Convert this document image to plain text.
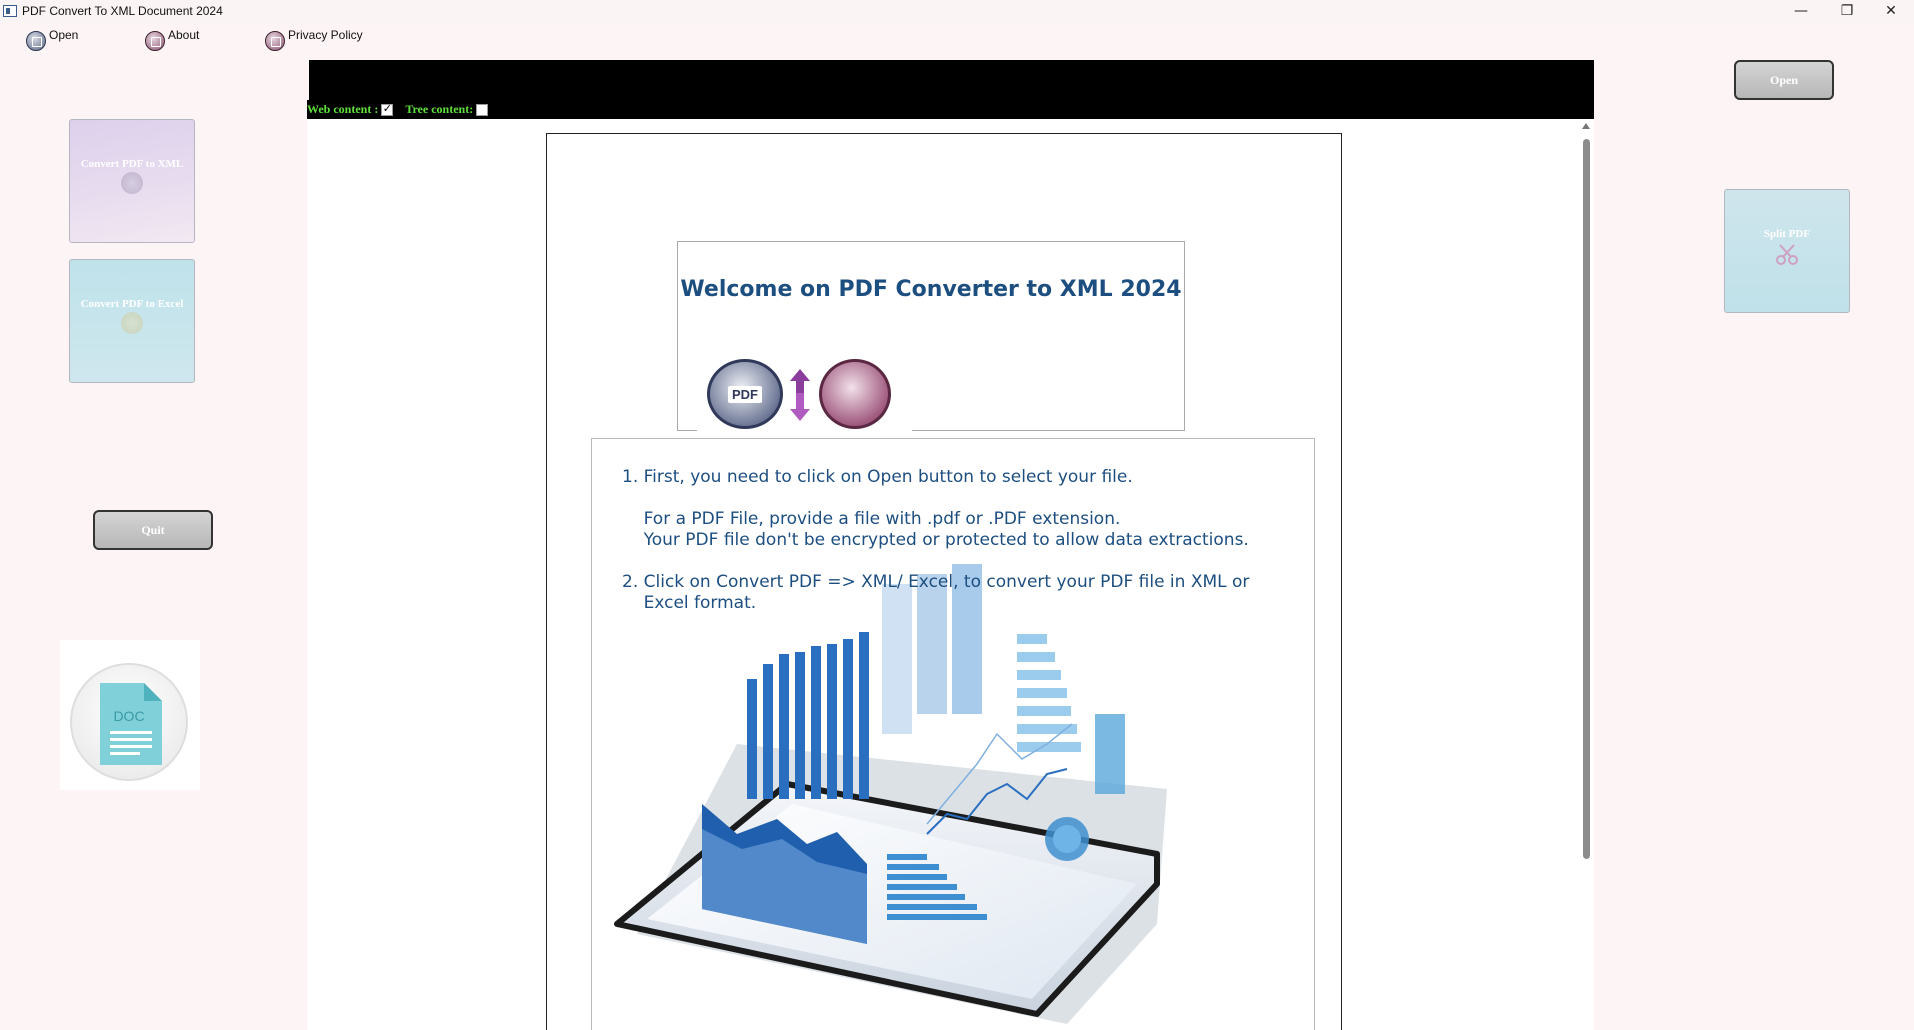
PDF Convert To XML Document 2024	—	❐	✕
Open	About	Privacy Policy
Convert PDF to XML
Convert PDF to Excel
Quit
DOC
Web content : ✓ Tree content:
Welcome on PDF Converter to XML 2024
PDF
1. First, you need to click on Open button to select your file.

For a PDF File, provide a file with .pdf or .PDF extension.
Your PDF file don't be encrypted or protected to allow data extractions.

2. Click on Convert PDF => XML/ Excel, to convert your PDF file in XML or
Excel format.
Open
Split PDF
